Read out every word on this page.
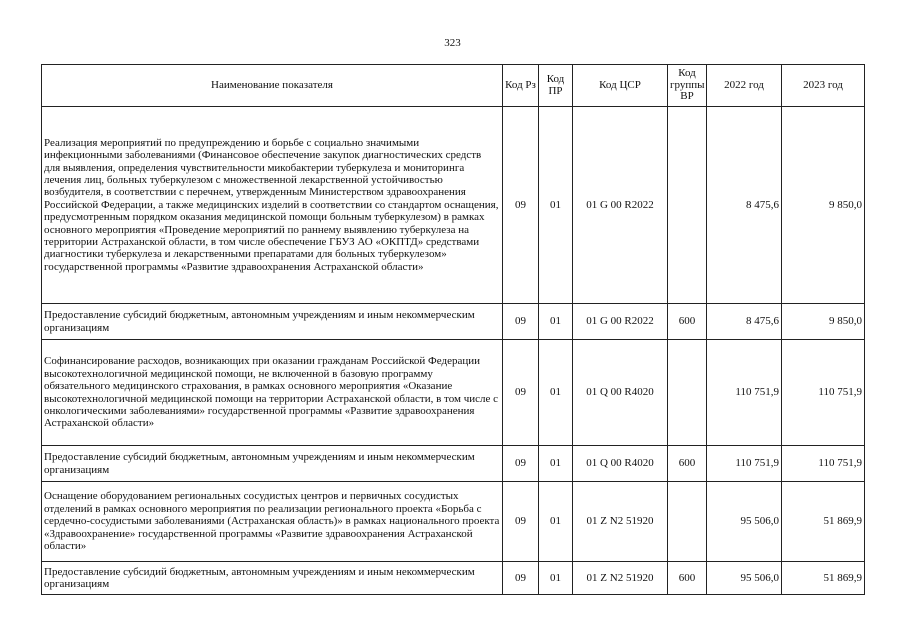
323
Наименование показателя	Код Рз	Код ПР	Код ЦСР	Код группы ВР	2022 год	2023 год
Реализация мероприятий по предупреждению и борьбе с социально значимыми инфекционными заболеваниями (Финансовое обеспечение закупок диагностических средств для выявления, определения чувствительности микобактерии туберкулеза и мониторинга лечения лиц, больных туберкулезом с множественной лекарственной устойчивостью возбудителя, в соответствии с перечнем, утвержденным Министерством здравоохранения Российской Федерации, а также медицинских изделий в соответствии со стандартом оснащения, предусмотренным порядком оказания медицинской помощи больным туберкулезом) в рамках основного мероприятия «Проведение мероприятий по раннему выявлению туберкулеза на территории Астраханской области, в том числе обеспечение ГБУЗ АО «ОКПТД» средствами диагностики туберкулеза и лекарственными препаратами для больных туберкулезом» государственной программы «Развитие здравоохранения Астраханской области»	09	01	01 G 00 R2022		8 475,6	9 850,0
Предоставление субсидий бюджетным, автономным учреждениям и иным некоммерческим организациям	09	01	01 G 00 R2022	600	8 475,6	9 850,0
Софинансирование расходов, возникающих при оказании гражданам Российской Федерации высокотехнологичной медицинской помощи, не включенной в базовую программу обязательного медицинского страхования, в рамках основного мероприятия «Оказание высокотехнологичной медицинской помощи на территории Астраханской области, в том числе с онкологическими заболеваниями» государственной программы «Развитие здравоохранения Астраханской области»	09	01	01 Q 00 R4020		110 751,9	110 751,9
Предоставление субсидий бюджетным, автономным учреждениям и иным некоммерческим организациям	09	01	01 Q 00 R4020	600	110 751,9	110 751,9
Оснащение оборудованием региональных сосудистых центров и первичных сосудистых отделений в рамках основного мероприятия по реализации регионального проекта «Борьба с сердечно-сосудистыми заболеваниями (Астраханская область)» в рамках национального проекта «Здравоохранение» государственной программы «Развитие здравоохранения Астраханской области»	09	01	01 Z N2 51920		95 506,0	51 869,9
Предоставление субсидий бюджетным, автономным учреждениям и иным некоммерческим организациям	09	01	01 Z N2 51920	600	95 506,0	51 869,9
